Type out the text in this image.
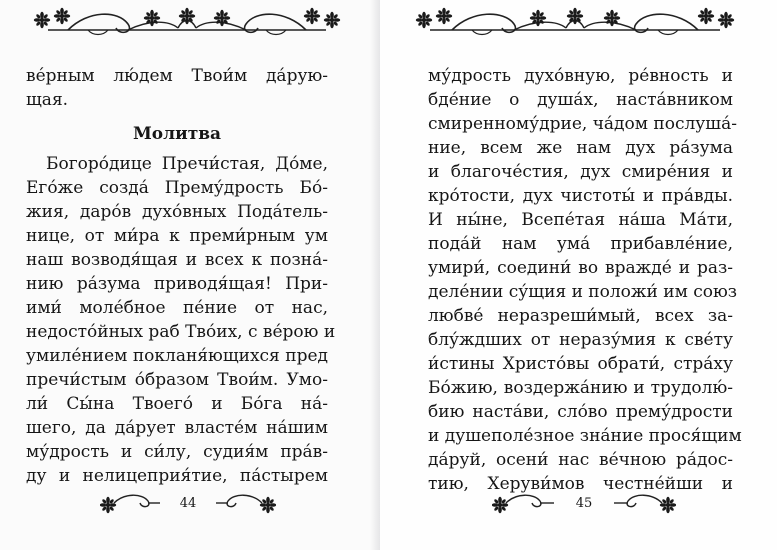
вéрным лю́дем Твои́м да́рую-
щая.
Молитва
Богоро́дице Пречи́стая, До́ме,
Его́же созда́ Прему́дрость Бо́-
жия, даро́в духо́вных Пода́тель-
нице, от ми́ра к преми́рным ум
наш возводя́щая и всех к позна́-
нию ра́зума приводя́щая! При-
ими́ моле́бное пе́ние от нас,
недосто́йных раб Тво́их, с ве́рою и
умиле́нием покланя́ющихся пред
пречи́стым о́бразом Твои́м. Умо-
ли́ Сы́на Твоего́ и Бо́га на́-
шего, да да́рует власте́м на́шим
му́дрость и си́лу, судия́м пра́в-
ду и нелицеприя́тие, па́стырем
44
му́дрость духо́вную, ре́вность и
бде́ние о душа́х, наста́вником
смиренному́дрие, ча́дом послуша́-
ние, всем же нам дух ра́зума
и благоче́стия, дух смире́ния и
кро́тости, дух чистоты́ и пра́вды.
И ны́не, Всепе́тая на́ша Ма́ти,
пода́й нам ума́ прибавле́ние,
умири́, соедини́ во вражде́ и раз-
деле́нии су́щия и положи́ им союз
любве́ неразреши́мый, всех за-
блу́ждших от неразу́мия к све́ту
и́стины Христо́вы обрати́, стра́ху
Бо́жию, воздержа́нию и трудолю́-
бию наста́ви, сло́во прему́дрости
и душеполе́зное зна́ние прося́щим
да́руй, осени́ нас ве́чною ра́дос-
тию, Херуви́мов честне́йши и
45
